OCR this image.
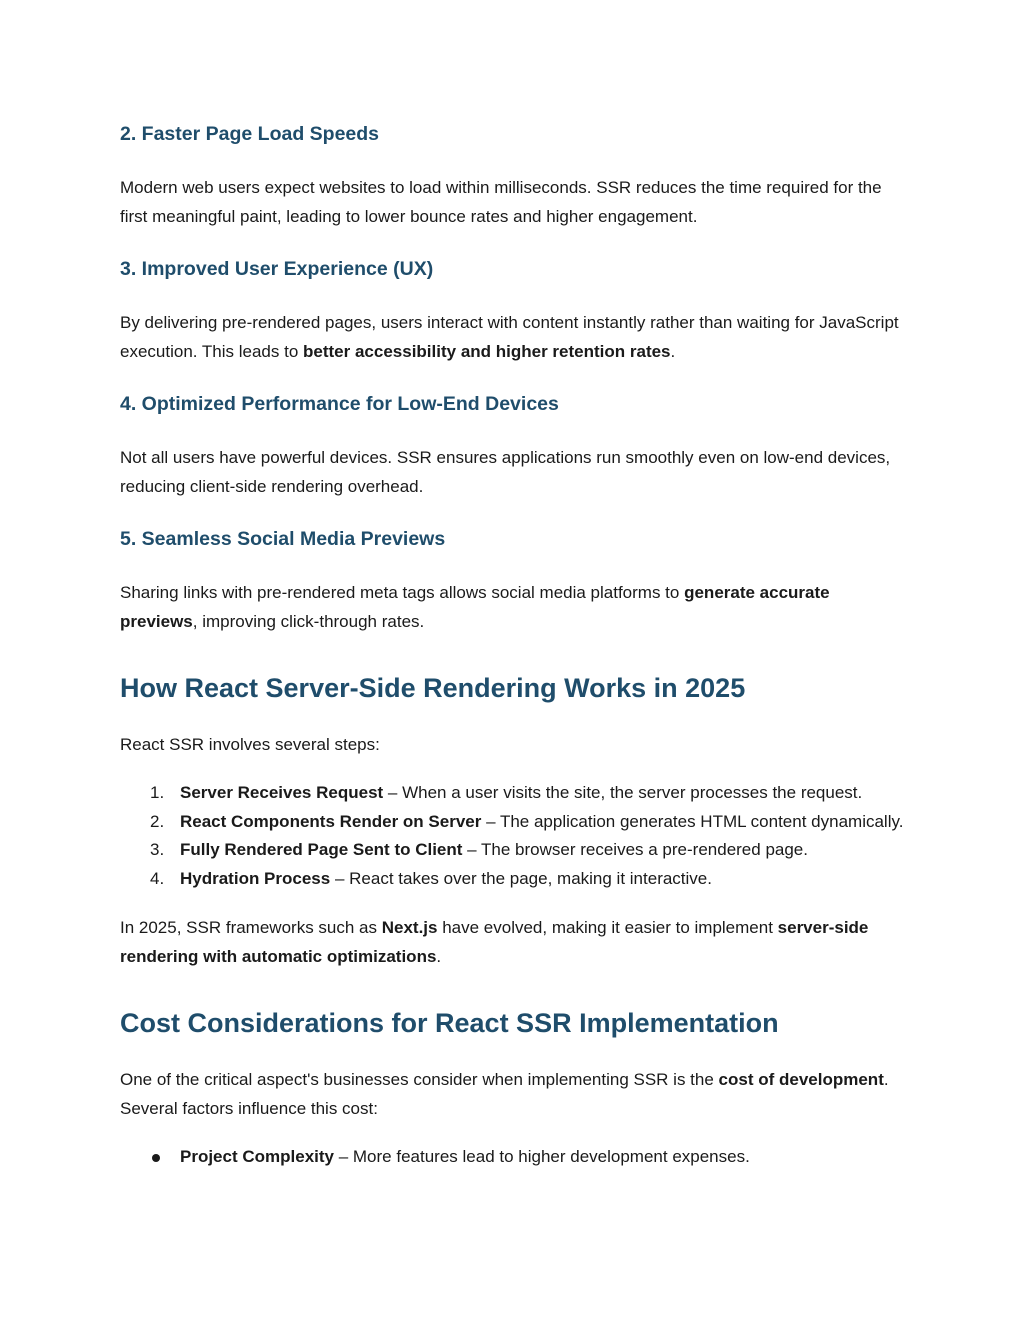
2. Faster Page Load Speeds

Modern web users expect websites to load within milliseconds. SSR reduces the time required for the first meaningful paint, leading to lower bounce rates and higher engagement.

3. Improved User Experience (UX)

By delivering pre-rendered pages, users interact with content instantly rather than waiting for JavaScript execution. This leads to better accessibility and higher retention rates.

4. Optimized Performance for Low-End Devices

Not all users have powerful devices. SSR ensures applications run smoothly even on low-end devices, reducing client-side rendering overhead.

5. Seamless Social Media Previews

Sharing links with pre-rendered meta tags allows social media platforms to generate accurate previews, improving click-through rates.

How React Server-Side Rendering Works in 2025

React SSR involves several steps:

1. Server Receives Request – When a user visits the site, the server processes the request.
2. React Components Render on Server – The application generates HTML content dynamically.
3. Fully Rendered Page Sent to Client – The browser receives a pre-rendered page.
4. Hydration Process – React takes over the page, making it interactive.

In 2025, SSR frameworks such as Next.js have evolved, making it easier to implement server-side rendering with automatic optimizations.

Cost Considerations for React SSR Implementation

One of the critical aspect's businesses consider when implementing SSR is the cost of development. Several factors influence this cost:

Project Complexity – More features lead to higher development expenses.
